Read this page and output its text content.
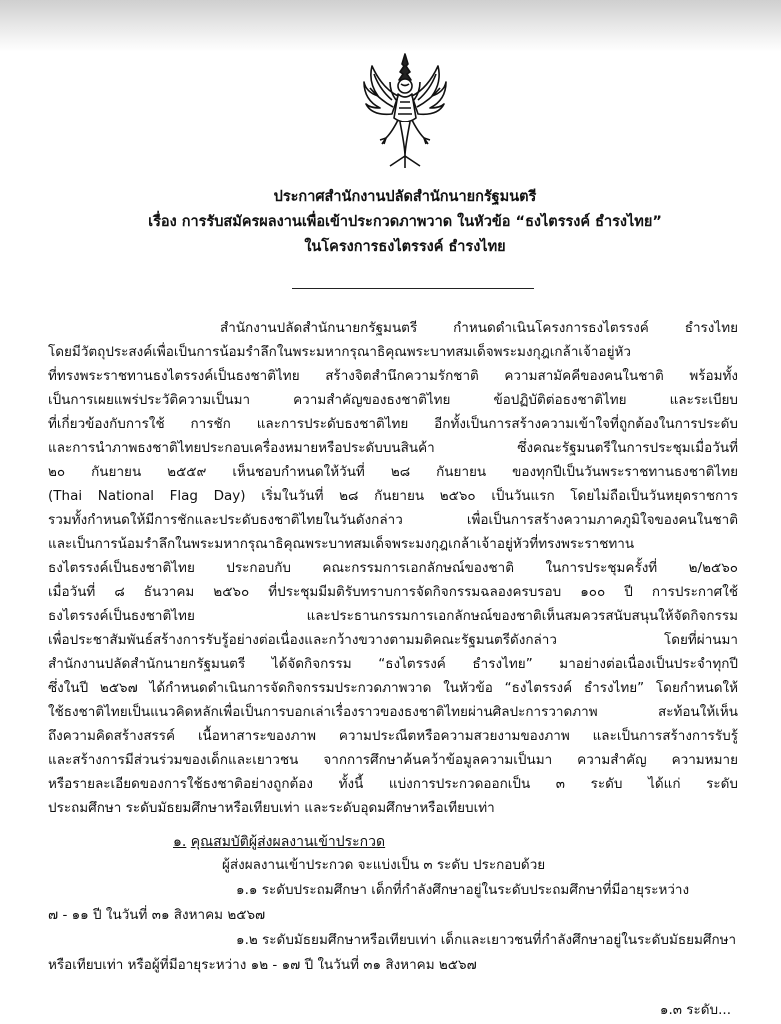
ประกาศสำนักงานปลัดสำนักนายกรัฐมนตรี
เรื่อง การรับสมัครผลงานเพื่อเข้าประกวดภาพวาด ในหัวข้อ “ธงไตรรงค์ ธำรงไทย”
ในโครงการธงไตรรงค์ ธำรงไทย
สำนักงานปลัดสำนักนายกรัฐมนตรี กำหนดดำเนินโครงการธงไตรรงค์ ธำรงไทย
โดยมีวัตถุประสงค์เพื่อเป็นการน้อมรำลึกในพระมหากรุณาธิคุณพระบาทสมเด็จพระมงกุฎเกล้าเจ้าอยู่หัว
ที่ทรงพระราชทานธงไตรรงค์เป็นธงชาติไทย สร้างจิตสำนึกความรักชาติ ความสามัคคีของคนในชาติ พร้อมทั้ง
เป็นการเผยแพร่ประวัติความเป็นมา ความสำคัญของธงชาติไทย ข้อปฏิบัติต่อธงชาติไทย และระเบียบ
ที่เกี่ยวข้องกับการใช้ การชัก และการประดับธงชาติไทย อีกทั้งเป็นการสร้างความเข้าใจที่ถูกต้องในการประดับ
และการนำภาพธงชาติไทยประกอบเครื่องหมายหรือประดับบนสินค้า ซึ่งคณะรัฐมนตรีในการประชุมเมื่อวันที่
๒๐ กันยายน ๒๕๕๙ เห็นชอบกำหนดให้วันที่ ๒๘ กันยายน ของทุกปีเป็นวันพระราชทานธงชาติไทย
(Thai National Flag Day) เริ่มในวันที่ ๒๘ กันยายน ๒๕๖๐ เป็นวันแรก โดยไม่ถือเป็นวันหยุดราชการ
รวมทั้งกำหนดให้มีการชักและประดับธงชาติไทยในวันดังกล่าว เพื่อเป็นการสร้างความภาคภูมิใจของคนในชาติ
และเป็นการน้อมรำลึกในพระมหากรุณาธิคุณพระบาทสมเด็จพระมงกุฎเกล้าเจ้าอยู่หัวที่ทรงพระราชทาน
ธงไตรรงค์เป็นธงชาติไทย ประกอบกับ คณะกรรมการเอกลักษณ์ของชาติ ในการประชุมครั้งที่ ๒/๒๕๖๐
เมื่อวันที่ ๘ ธันวาคม ๒๕๖๐ ที่ประชุมมีมติรับทราบการจัดกิจกรรมฉลองครบรอบ ๑๐๐ ปี การประกาศใช้
ธงไตรรงค์เป็นธงชาติไทย และประธานกรรมการเอกลักษณ์ของชาติเห็นสมควรสนับสนุนให้จัดกิจกรรม
เพื่อประชาสัมพันธ์สร้างการรับรู้อย่างต่อเนื่องและกว้างขวางตามมติคณะรัฐมนตรีดังกล่าว โดยที่ผ่านมา
สำนักงานปลัดสำนักนายกรัฐมนตรี ได้จัดกิจกรรม “ธงไตรรงค์ ธำรงไทย” มาอย่างต่อเนื่องเป็นประจำทุกปี
ซึ่งในปี ๒๕๖๗ ได้กำหนดดำเนินการจัดกิจกรรมประกวดภาพวาด ในหัวข้อ “ธงไตรรงค์ ธำรงไทย” โดยกำหนดให้
ใช้ธงชาติไทยเป็นแนวคิดหลักเพื่อเป็นการบอกเล่าเรื่องราวของธงชาติไทยผ่านศิลปะการวาดภาพ สะท้อนให้เห็น
ถึงความคิดสร้างสรรค์ เนื้อหาสาระของภาพ ความประณีตหรือความสวยงามของภาพ และเป็นการสร้างการรับรู้
และสร้างการมีส่วนร่วมของเด็กและเยาวชน จากการศึกษาค้นคว้าข้อมูลความเป็นมา ความสำคัญ ความหมาย
หรือรายละเอียดของการใช้ธงชาติอย่างถูกต้อง ทั้งนี้ แบ่งการประกวดออกเป็น ๓ ระดับ ได้แก่ ระดับ
ประถมศึกษา ระดับมัธยมศึกษาหรือเทียบเท่า และระดับอุดมศึกษาหรือเทียบเท่า
๑. คุณสมบัติผู้ส่งผลงานเข้าประกวด
ผู้ส่งผลงานเข้าประกวด จะแบ่งเป็น ๓ ระดับ ประกอบด้วย
๑.๑ ระดับประถมศึกษา เด็กที่กำลังศึกษาอยู่ในระดับประถมศึกษาที่มีอายุระหว่าง
๗ - ๑๑ ปี ในวันที่ ๓๑ สิงหาคม ๒๕๖๗
๑.๒ ระดับมัธยมศึกษาหรือเทียบเท่า เด็กและเยาวชนที่กำลังศึกษาอยู่ในระดับมัธยมศึกษา
หรือเทียบเท่า หรือผู้ที่มีอายุระหว่าง ๑๒ - ๑๗ ปี ในวันที่ ๓๑ สิงหาคม ๒๕๖๗
๑.๓ ระดับ...
